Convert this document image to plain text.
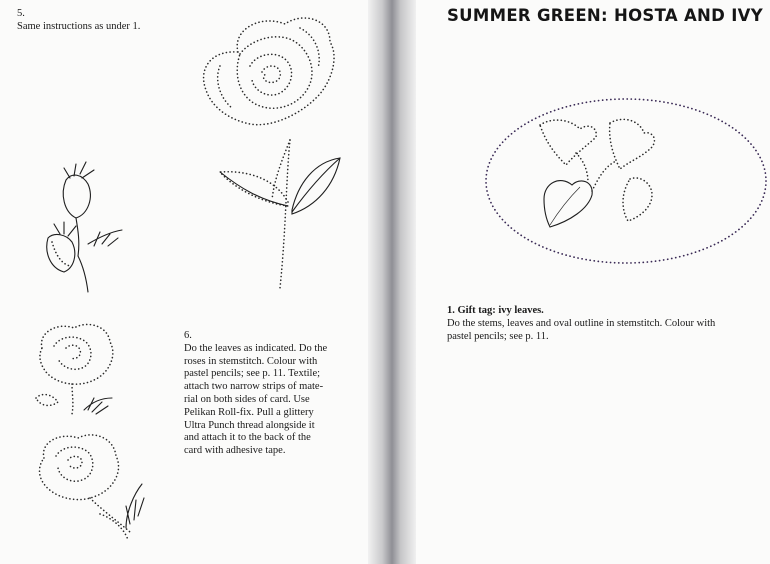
5.
Same instructions as under 1.
6.
Do the leaves as indicated. Do the
roses in stemstitch. Colour with
pastel pencils; see p. 11. Textile;
attach two narrow strips of mate-
rial on both sides of card. Use
Pelikan Roll-fix. Pull a glittery
Ultra Punch thread alongside it
and attach it to the back of the
card with adhesive tape.
SUMMER GREEN: HOSTA AND IVY
1. Gift tag: ivy leaves.
Do the stems, leaves and oval outline in stemstitch. Colour with
pastel pencils; see p. 11.
